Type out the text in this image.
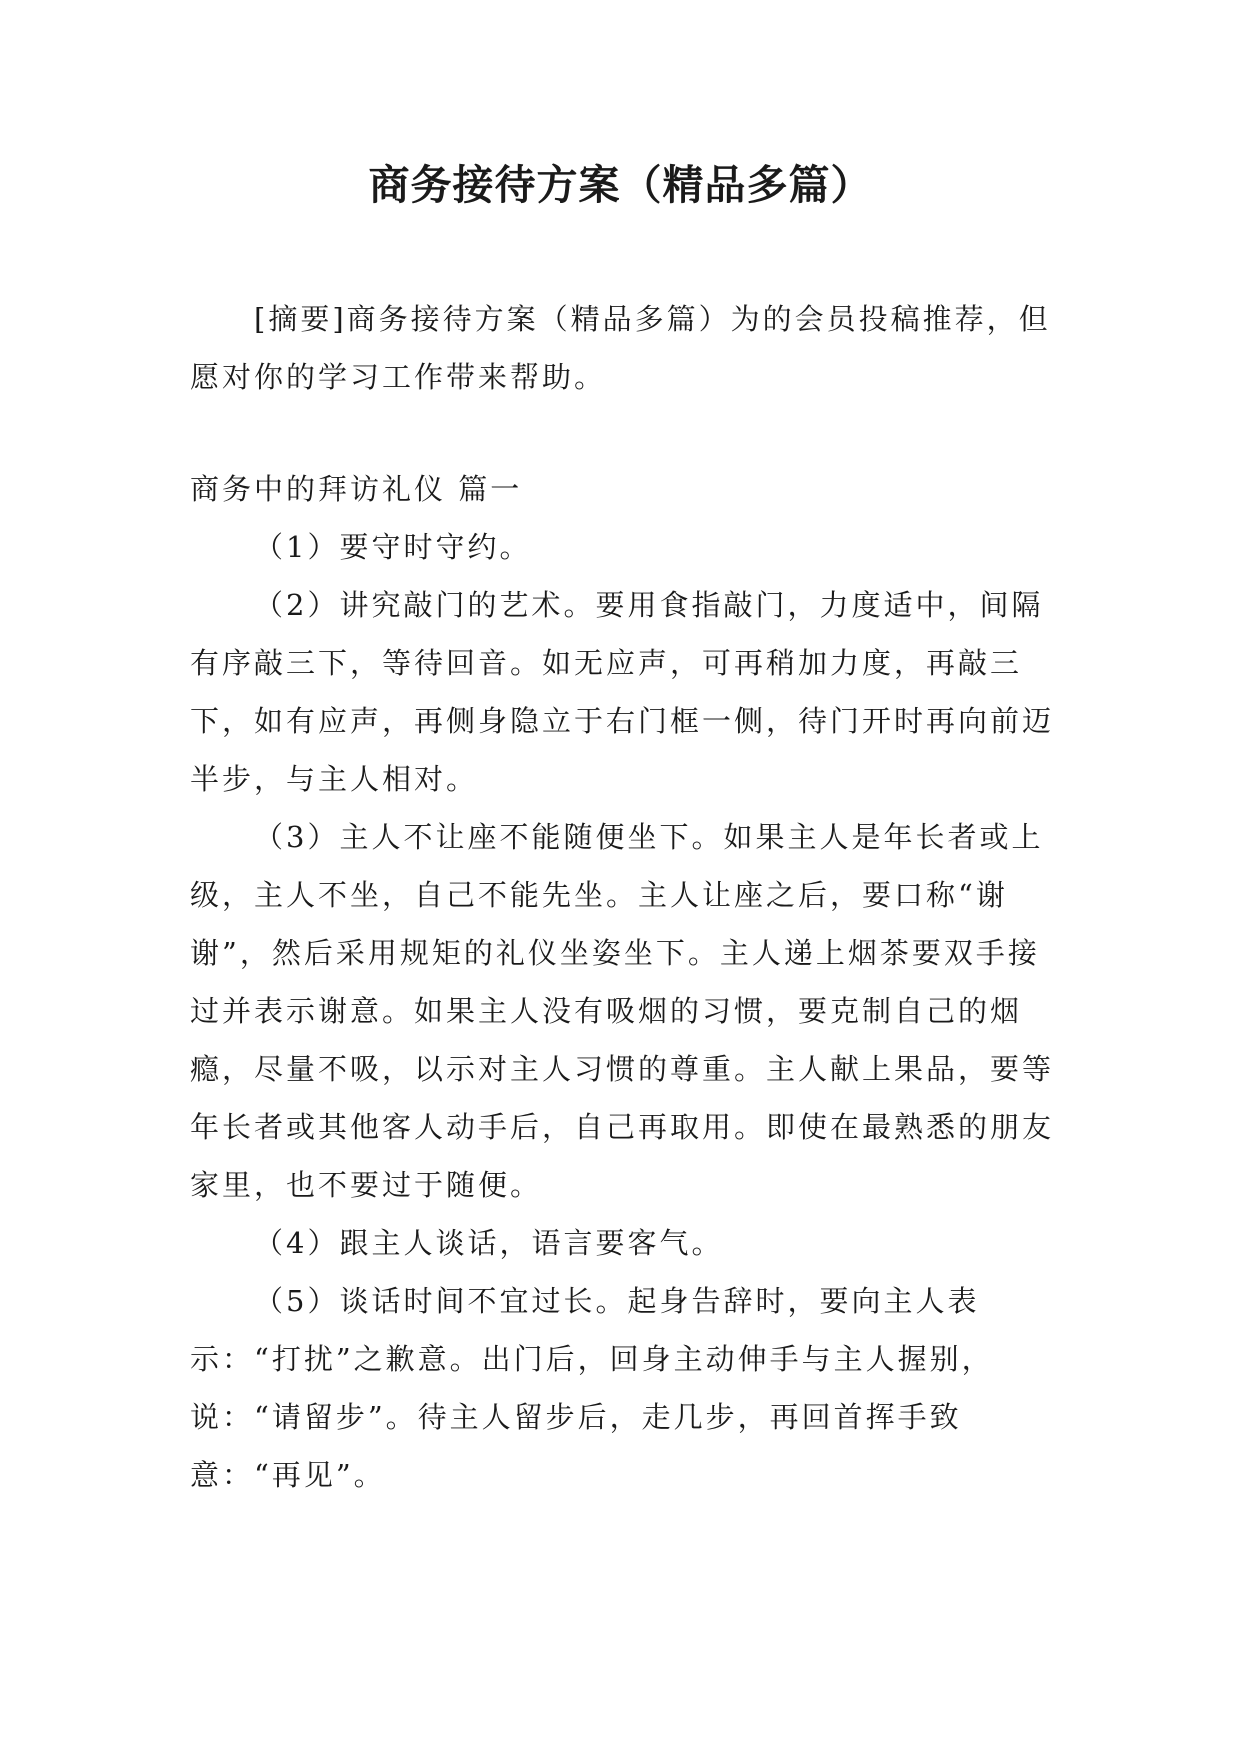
商务接待方案（精品多篇）

[摘要]商务接待方案（精品多篇）为的会员投稿推荐，但愿对你的学习工作带来帮助。

商务中的拜访礼仪 篇一

（1）要守时守约。

（2）讲究敲门的艺术。要用食指敲门，力度适中，间隔有序敲三下，等待回音。如无应声，可再稍加力度，再敲三下，如有应声，再侧身隐立于右门框一侧，待门开时再向前迈半步，与主人相对。

（3）主人不让座不能随便坐下。如果主人是年长者或上级，主人不坐，自己不能先坐。主人让座之后，要口称“谢谢”，然后采用规矩的礼仪坐姿坐下。主人递上烟茶要双手接过并表示谢意。如果主人没有吸烟的习惯，要克制自己的烟瘾，尽量不吸，以示对主人习惯的尊重。主人献上果品，要等年长者或其他客人动手后，自己再取用。即使在最熟悉的朋友家里，也不要过于随便。

（4）跟主人谈话，语言要客气。

（5）谈话时间不宜过长。起身告辞时，要向主人表示：“打扰”之歉意。出门后，回身主动伸手与主人握别，说：“请留步”。待主人留步后，走几步，再回首挥手致意：“再见”。
